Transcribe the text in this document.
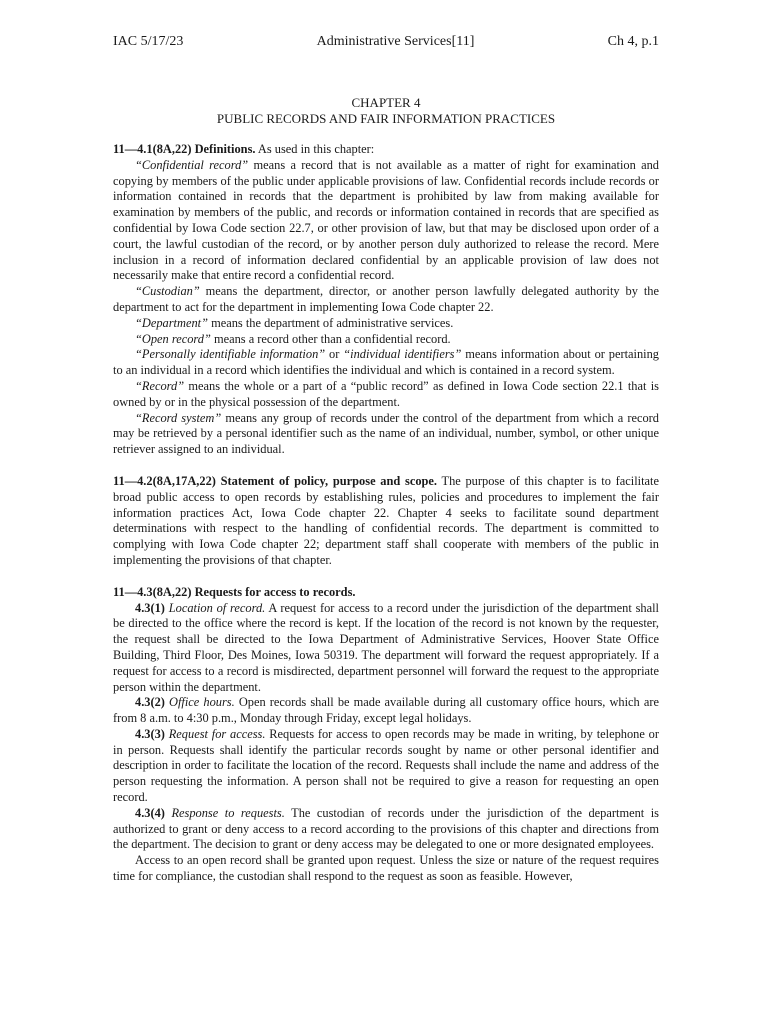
IAC 5/17/23	Administrative Services[11]	Ch 4, p.1
CHAPTER 4
PUBLIC RECORDS AND FAIR INFORMATION PRACTICES

11—4.1(8A,22) Definitions. As used in this chapter:

“Confidential record” means a record that is not available as a matter of right for examination and copying by members of the public under applicable provisions of law. Confidential records include records or information contained in records that the department is prohibited by law from making available for examination by members of the public, and records or information contained in records that are specified as confidential by Iowa Code section 22.7, or other provision of law, but that may be disclosed upon order of a court, the lawful custodian of the record, or by another person duly authorized to release the record. Mere inclusion in a record of information declared confidential by an applicable provision of law does not necessarily make that entire record a confidential record.

“Custodian” means the department, director, or another person lawfully delegated authority by the department to act for the department in implementing Iowa Code chapter 22.

“Department” means the department of administrative services.

“Open record” means a record other than a confidential record.

“Personally identifiable information” or “individual identifiers” means information about or pertaining to an individual in a record which identifies the individual and which is contained in a record system.

“Record” means the whole or a part of a “public record” as defined in Iowa Code section 22.1 that is owned by or in the physical possession of the department.

“Record system” means any group of records under the control of the department from which a record may be retrieved by a personal identifier such as the name of an individual, number, symbol, or other unique retriever assigned to an individual.

11—4.2(8A,17A,22) Statement of policy, purpose and scope. The purpose of this chapter is to facilitate broad public access to open records by establishing rules, policies and procedures to implement the fair information practices Act, Iowa Code chapter 22. Chapter 4 seeks to facilitate sound department determinations with respect to the handling of confidential records. The department is committed to complying with Iowa Code chapter 22; department staff shall cooperate with members of the public in implementing the provisions of that chapter.

11—4.3(8A,22) Requests for access to records.

4.3(1) Location of record. A request for access to a record under the jurisdiction of the department shall be directed to the office where the record is kept. If the location of the record is not known by the requester, the request shall be directed to the Iowa Department of Administrative Services, Hoover State Office Building, Third Floor, Des Moines, Iowa 50319. The department will forward the request appropriately. If a request for access to a record is misdirected, department personnel will forward the request to the appropriate person within the department.

4.3(2) Office hours. Open records shall be made available during all customary office hours, which are from 8 a.m. to 4:30 p.m., Monday through Friday, except legal holidays.

4.3(3) Request for access. Requests for access to open records may be made in writing, by telephone or in person. Requests shall identify the particular records sought by name or other personal identifier and description in order to facilitate the location of the record. Requests shall include the name and address of the person requesting the information. A person shall not be required to give a reason for requesting an open record.

4.3(4) Response to requests. The custodian of records under the jurisdiction of the department is authorized to grant or deny access to a record according to the provisions of this chapter and directions from the department. The decision to grant or deny access may be delegated to one or more designated employees.

Access to an open record shall be granted upon request. Unless the size or nature of the request requires time for compliance, the custodian shall respond to the request as soon as feasible. However,
